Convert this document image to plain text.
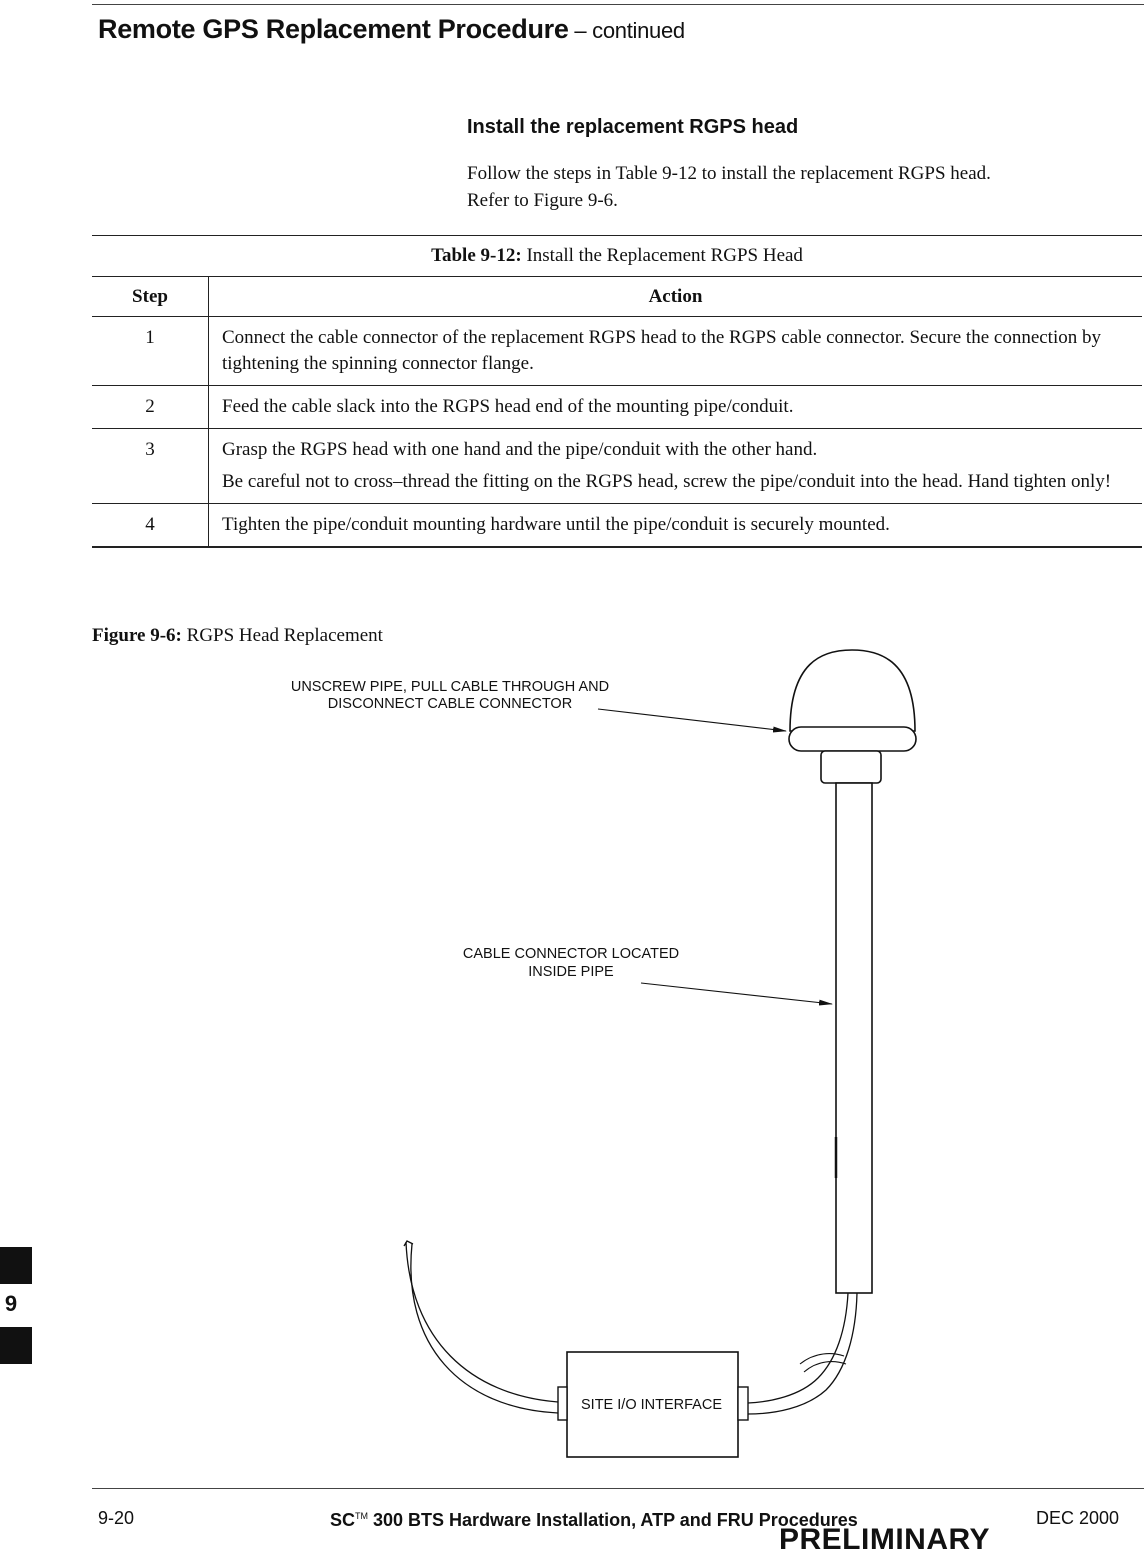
Remote GPS Replacement Procedure – continued
Install the replacement RGPS head
Follow the steps in Table 9-12 to install the replacement RGPS head.
Refer to Figure 9-6.
Table 9-12: Install the Replacement RGPS Head	
Step	Action
1	Connect the cable connector of the replacement RGPS head to the RGPS cable connector. Secure the connection by tightening the spinning connector flange.

2	Feed the cable slack into the RGPS head end of the mounting pipe/conduit.

3	Grasp the RGPS head with one hand and the pipe/conduit with the other hand.

Be careful not to cross–thread the fitting on the RGPS head, screw the pipe/conduit into the head. Hand tighten only!

4	Tighten the pipe/conduit mounting hardware until the pipe/conduit is securely mounted.

Figure 9-6: RGPS Head Replacement
SITE I/O INTERFACE
UNSCREW PIPE, PULL CABLE THROUGH AND
DISCONNECT CABLE CONNECTOR
CABLE CONNECTOR LOCATED
INSIDE PIPE
9
9-20	SC™ 300 BTS Hardware Installation, ATP and FRU Procedures	DEC 2000
PRELIMINARY
